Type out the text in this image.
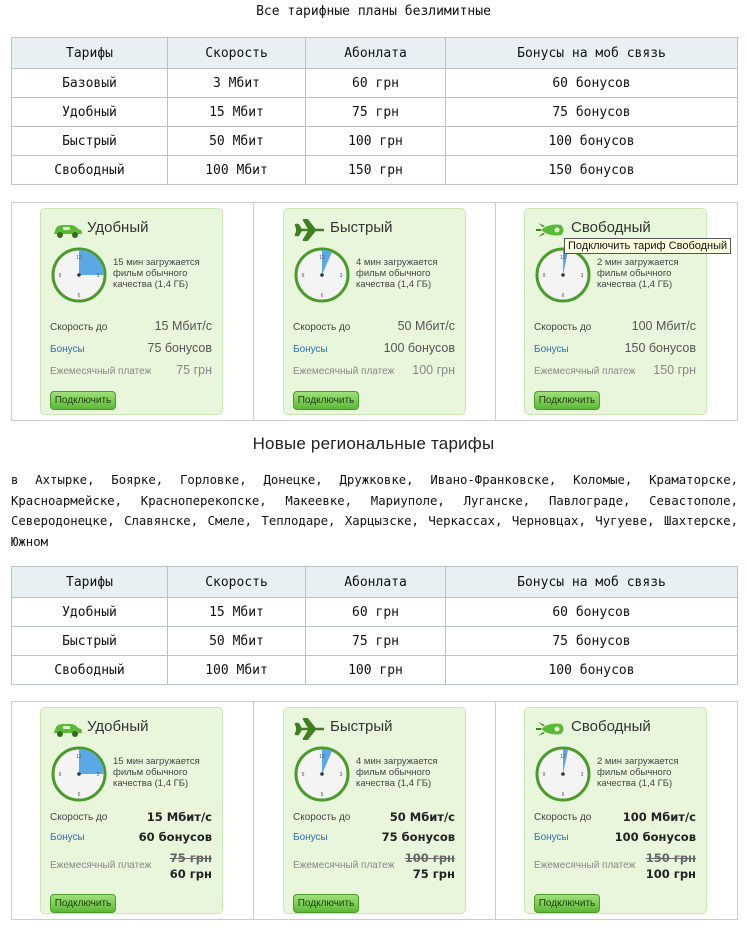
Все тарифные планы безлимитные
Тарифы	Скорость	Абонлата	Бонусы на моб связь
Базовый	3 Мбит	60 грн	60 бонусов
Удобный	15 Мбит	75 грн	75 бонусов
Быстрый	50 Мбит	100 грн	100 бонусов
Свободный	100 Мбит	150 грн	150 бонусов
Удобный
12
3
6
9
15 мин загружается фильм обычного качества (1,4 ГБ)
Скорость до	15 Мбит/с
Бонусы	75 бонусов
Ежемесячный платеж 75 грн
Подключить
Быстрый
12
3
6
9
4 мин загружается фильм обычного качества (1,4 ГБ)
Скорость до	50 Мбит/с
Бонусы	100 бонусов
Ежемесячный платеж 100 грн
Подключить
Свободный
12
3
6
9
2 мин загружается фильм обычного качества (1,4 ГБ)
Скорость до	100 Мбит/с
Бонусы	150 бонусов
Ежемесячный платеж 150 грн
Подключить
Подключить тариф Свободный
Новые региональные тарифы
в Ахтырке, Боярке, Горловке, Донецке, Дружковке, Ивано-Франковске, Коломые, Краматорске, Красноармейске, Красноперекопске, Макеевке, Мариуполе, Луганске, Павлограде, Севастополе, Северодонецке, Славянске, Смеле, Теплодаре, Харцызске, Черкассах, Черновцах, Чугуеве, Шахтерске, Южном
Тарифы	Скорость	Абонлата	Бонусы на моб связь
Удобный	15 Мбит	60 грн	60 бонусов
Быстрый	50 Мбит	75 грн	75 бонусов
Свободный	100 Мбит	100 грн	100 бонусов
Удобный
12
3
6
9
15 мин загружается фильм обычного качества (1,4 ГБ)
Скорость до	15 Мбит/с
Бонусы	60 бонусов
Ежемесячный платеж
75 грн
60 грн
Подключить
Быстрый
12
3
6
9
4 мин загружается фильм обычного качества (1,4 ГБ)
Скорость до	50 Мбит/с
Бонусы	75 бонусов
Ежемесячный платеж
100 грн
75 грн
Подключить
Свободный
12
3
6
9
2 мин загружается фильм обычного качества (1,4 ГБ)
Скорость до	100 Мбит/с
Бонусы	100 бонусов
Ежемесячный платеж
150 грн
100 грн
Подключить
